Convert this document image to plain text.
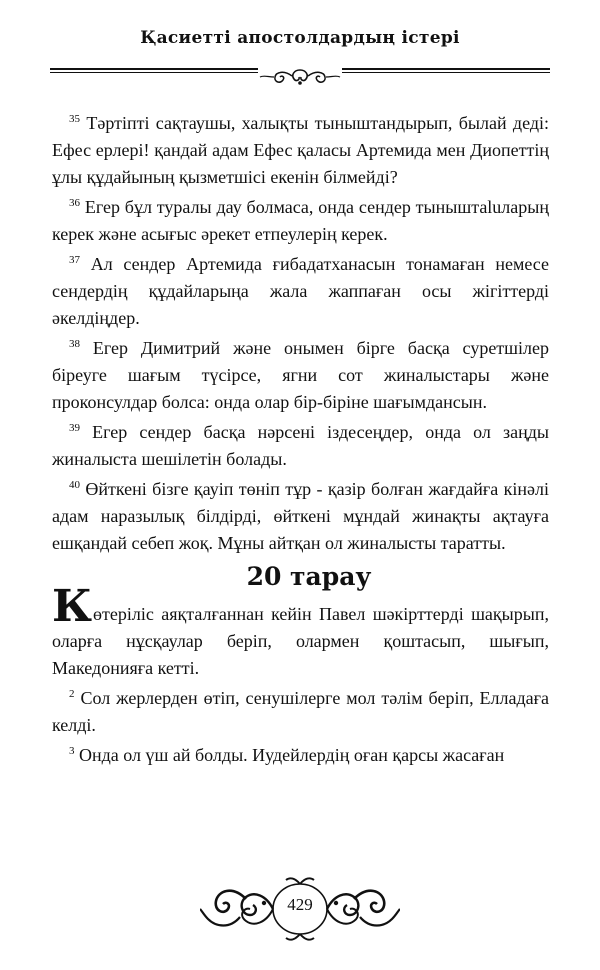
Қасиетті апостолдардың істері

$^{35}$ Тәртіпті сақтаушы, халықты тыныштандырып, былай деді: Ефес ерлері! қандай адам Ефес қаласы Артемида мен Диопеттің ұлы құдайының қызметшісі екенін білмейді?

$^{36}$ Егер бұл туралы дау болмаса, онда сендер тыныштаluларың керек және асығыс әрекет етпеулерің керек.

$^{37}$ Ал сендер Артемида ғибадатханасын тонамаған немесе сендердің құдайларыңа жала жаппаған осы жігіттерді әкелдіңдер.

$^{38}$ Егер Димитрий және онымен бірге басқа суретшілер біреуге шағым түсірсе, ягни сот жиналыстары және проконсулдар болса: онда олар бір-біріне шағымдансын.

$^{39}$ Егер сендер басқа нәрсені іздесеңдер, онда ол заңды жиналыста шешілетін болады.

$^{40}$ Өйткені бізге қауіп төніп тұр - қазір болған жағдайға кінәлі адам наразылық білдірді, өйткені мұндай жинақты ақтауға ешқандай себеп жоқ. Мұны айтқан ол жиналысты таратты.

20 тарау

Көтеріліс аяқталғаннан кейін Павел шәкірттерді шақырып, оларға нұсқаулар беріп, олармен қоштасып, шығып, Македонияға кетті.

$^2$ Сол жерлерден өтіп, сенушілерге мол тәлім беріп, Елладаға келді.

$^3$ Онда ол үш ай болды. Иудейлердің оған қарсы жасаған

429
